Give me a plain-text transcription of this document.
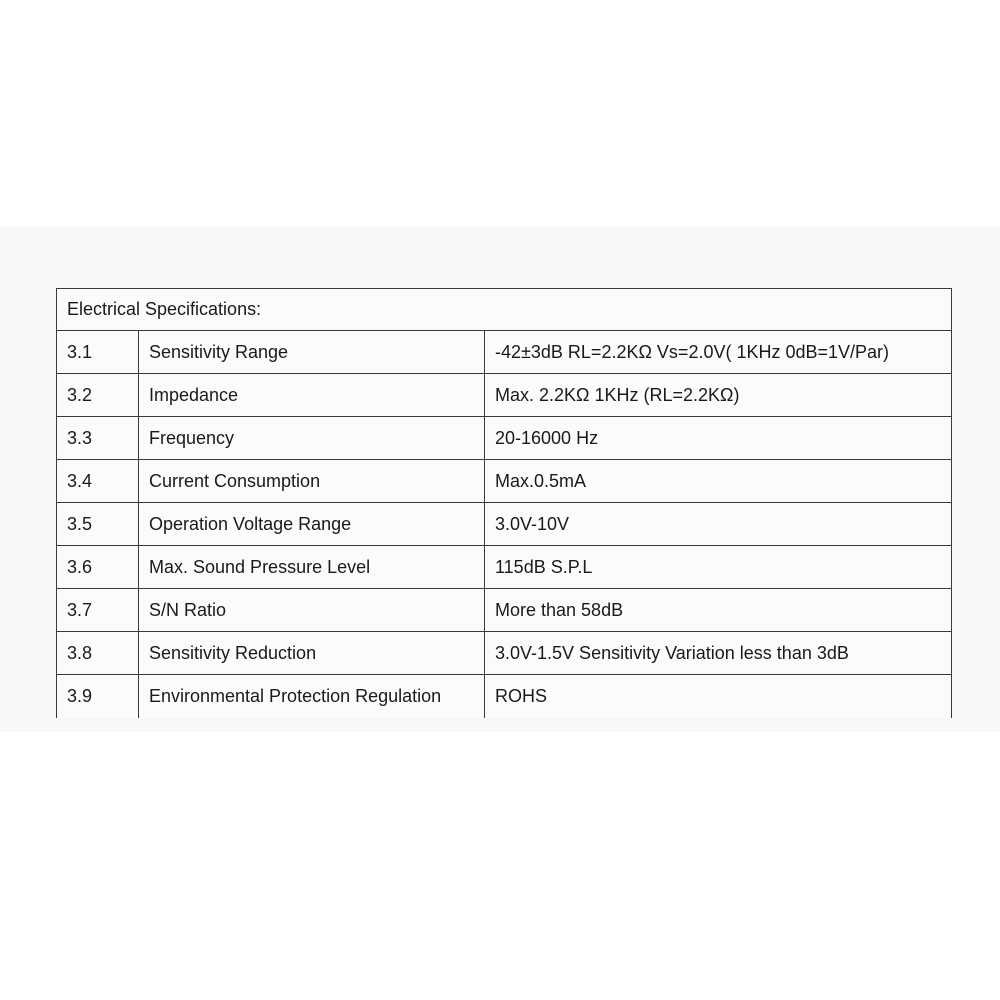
Electrical Specifications:		
3.1	Sensitivity Range	-42±3dB RL=2.2KΩ Vs=2.0V( 1KHz 0dB=1V/Par)
3.2	Impedance	Max. 2.2KΩ 1KHz (RL=2.2KΩ)
3.3	Frequency	20-16000 Hz
3.4	Current Consumption	Max.0.5mA
3.5	Operation Voltage Range	3.0V-10V
3.6	Max. Sound Pressure Level	115dB S.P.L
3.7	S/N Ratio	More than 58dB
3.8	Sensitivity Reduction	3.0V-1.5V Sensitivity Variation less than 3dB
3.9	Environmental Protection Regulation	ROHS
